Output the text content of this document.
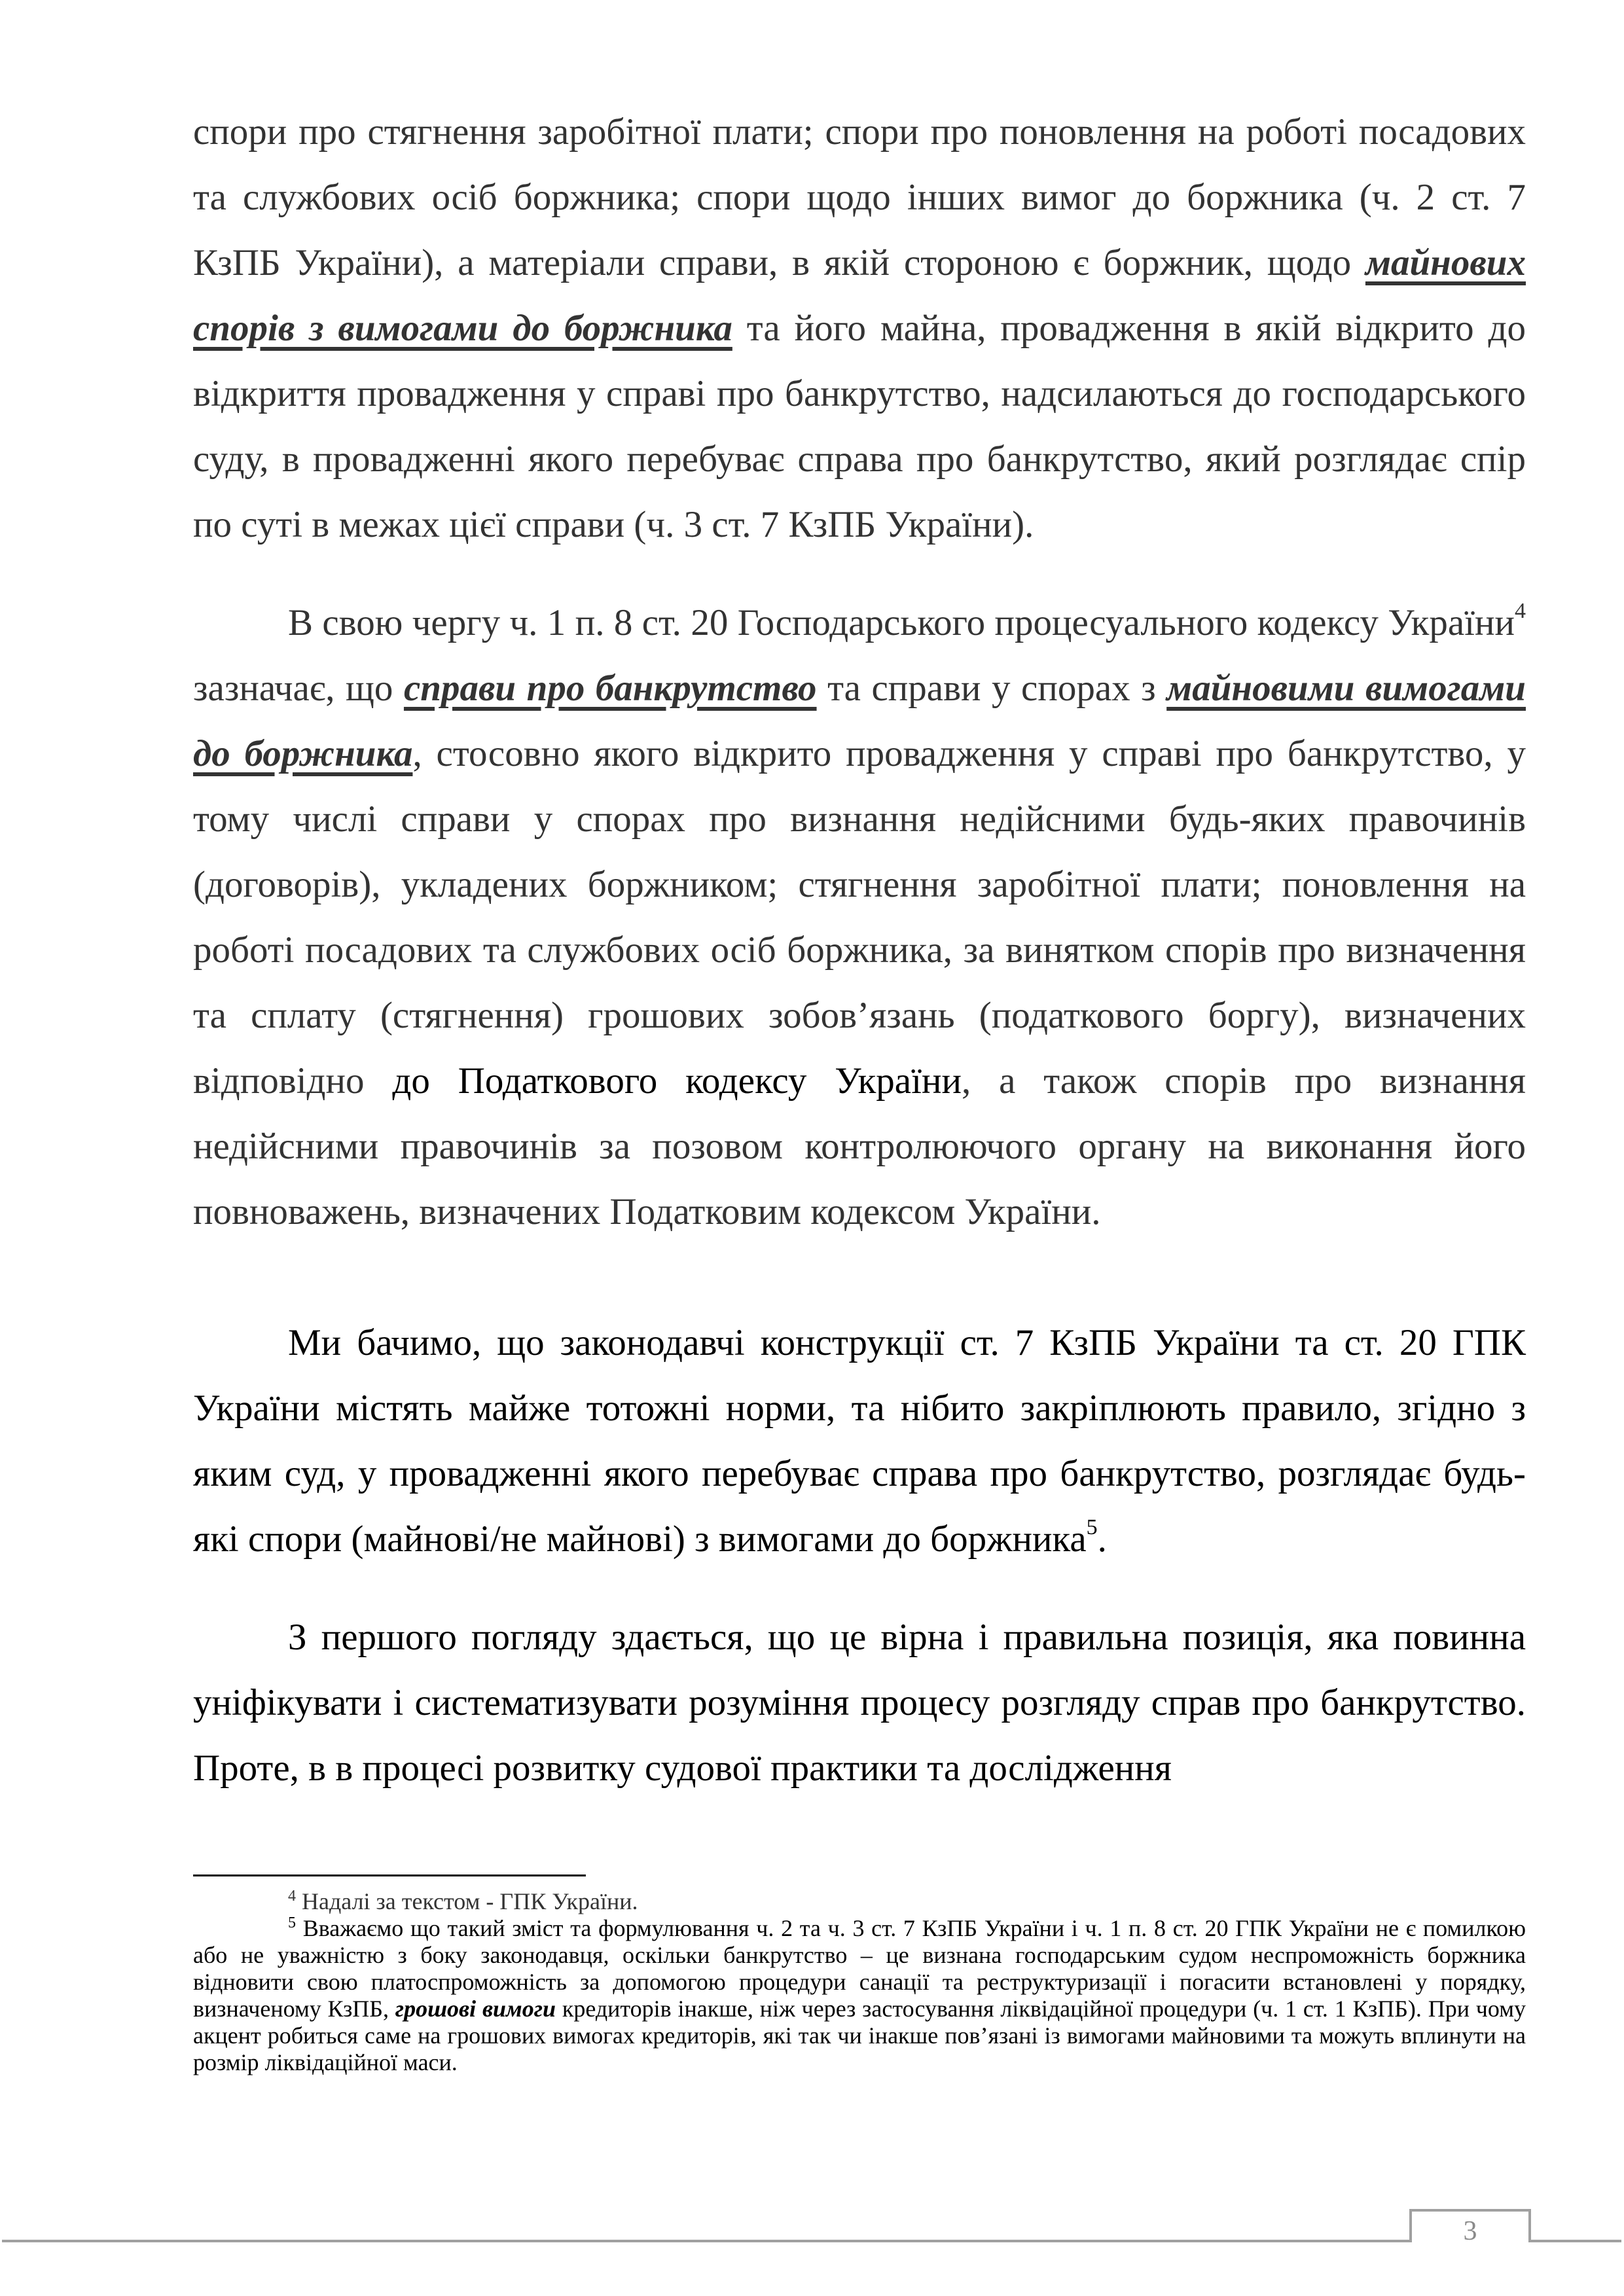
спори про стягнення заробітної плати; спори про поновлення на роботі посадових та службових осіб боржника; спори щодо інших вимог до боржника (ч. 2 ст. 7 КзПБ України), а матеріали справи, в якій стороною є боржник, щодо майнових спорів з вимогами до боржника та його майна, провадження в якій відкрито до відкриття провадження у справі про банкрутство, надсилаються до господарського суду, в провадженні якого перебуває справа про банкрутство, який розглядає спір по суті в межах цієї справи (ч. 3 ст. 7 КзПБ України).

В свою чергу ч. 1 п. 8 ст. 20 Господарського процесуального кодексу України$^4$ зазначає, що справи про банкрутство та справи у спорах з майновими вимогами до боржника, стосовно якого відкрито провадження у справі про банкрутство, у тому числі справи у спорах про визнання недійсними будь-яких правочинів (договорів), укладених боржником; стягнення заробітної плати; поновлення на роботі посадових та службових осіб боржника, за винятком спорів про визначення та сплату (стягнення) грошових зобов’язань (податкового боргу), визначених відповідно до Податкового кодексу України, а також спорів про визнання недійсними правочинів за позовом контролюючого органу на виконання його повноважень, визначених Податковим кодексом України.

Ми бачимо, що законодавчі конструкції ст. 7 КзПБ України та ст. 20 ГПК України містять майже тотожні норми, та нібито закріплюють правило, згідно з яким суд, у провадженні якого перебуває справа про банкрутство, розглядає будь-які спори (майнові/не майнові) з вимогами до боржника$^5$.

З першого погляду здається, що це вірна і правильна позиція, яка повинна уніфікувати і систематизувати розуміння процесу розгляду справ про банкрутство. Проте, в в процесі розвитку судової практики та дослідження

$^4$ Надалі за текстом - ГПК України.

$^5$ Вважаємо що такий зміст та формулювання ч. 2 та ч. 3 ст. 7 КзПБ України і ч. 1 п. 8 ст. 20 ГПК України не є помилкою або не уважністю з боку законодавця, оскільки банкрутство – це визнана господарським судом неспроможність боржника відновити свою платоспроможність за допомогою процедури санації та реструктуризації і погасити встановлені у порядку, визначеному КзПБ, грошові вимоги кредиторів інакше, ніж через застосування ліквідаційної процедури (ч. 1 ст. 1 КзПБ). При чому акцент робиться саме на грошових вимогах кредиторів, які так чи інакше пов’язані із вимогами майновими та можуть вплинути на розмір ліквідаційної маси.

3
